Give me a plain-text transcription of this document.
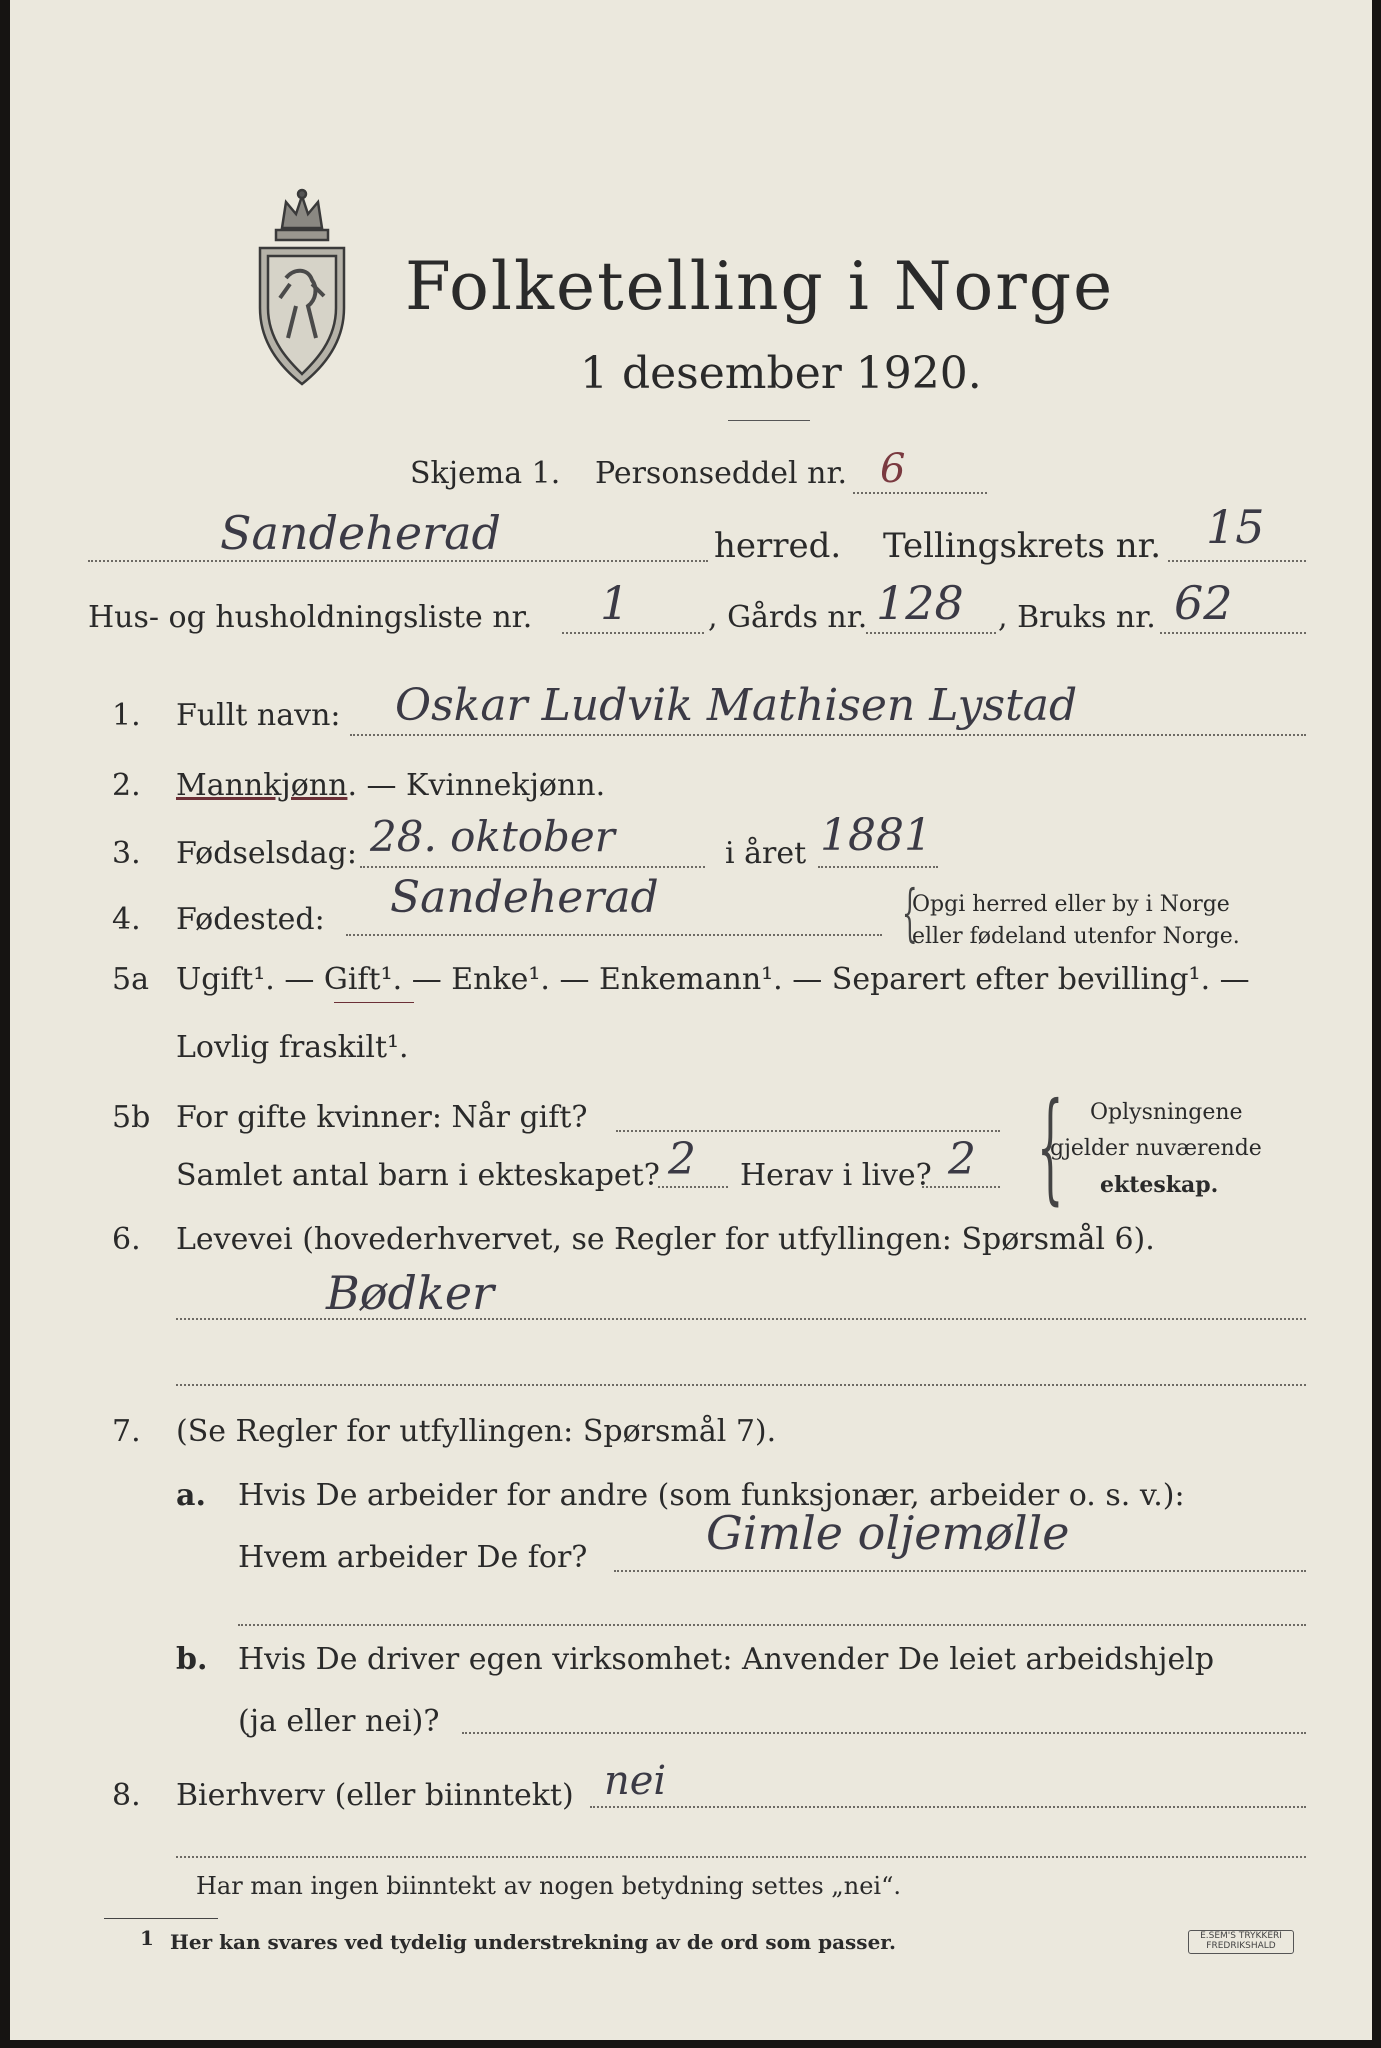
Folketelling i Norge
1 desember 1920.
Skjema 1. Personseddel nr. 6
Sandeherad	herred. Tellingskrets nr. 15
Hus- og husholdningsliste nr. 1	, Gårds nr. 128 , Bruks nr. 62
1. Fullt navn: Oskar Ludvik Mathisen Lystad
2. Mannkjønn. — Kvinnekjønn.
3. Fødselsdag: 28. oktober	i året 1881
4. Fødested: Sandeherad	{
Opgi herred eller by i Norge
eller fødeland utenfor Norge.
5a Ugift¹. — Gift¹. — Enke¹. — Enkemann¹. — Separert efter bevilling¹. —
Lovlig fraskilt¹.
5b For gifte kvinner: Når gift?
Samlet antal barn i ekteskapet? 2 Herav i live? 2 { Oplysningene
gjelder nuværende
ekteskap.
6. Levevei (hovederhvervet, se Regler for utfyllingen: Spørsmål 6).
Bødker
7. (Se Regler for utfyllingen: Spørsmål 7).
a. Hvis De arbeider for andre (som funksjonær, arbeider o. s. v.):
Hvem arbeider De for?	Gimle oljemølle
b. Hvis De driver egen virksomhet: Anvender De leiet arbeidshjelp
(ja eller nei)?
8. Bierhverv (eller biinntekt) nei
Har man ingen biinntekt av nogen betydning settes „nei“.
1 Her kan svares ved tydelig understrekning av de ord som passer.	E.SEM'S TRYKKERI
FREDRIKSHALD
